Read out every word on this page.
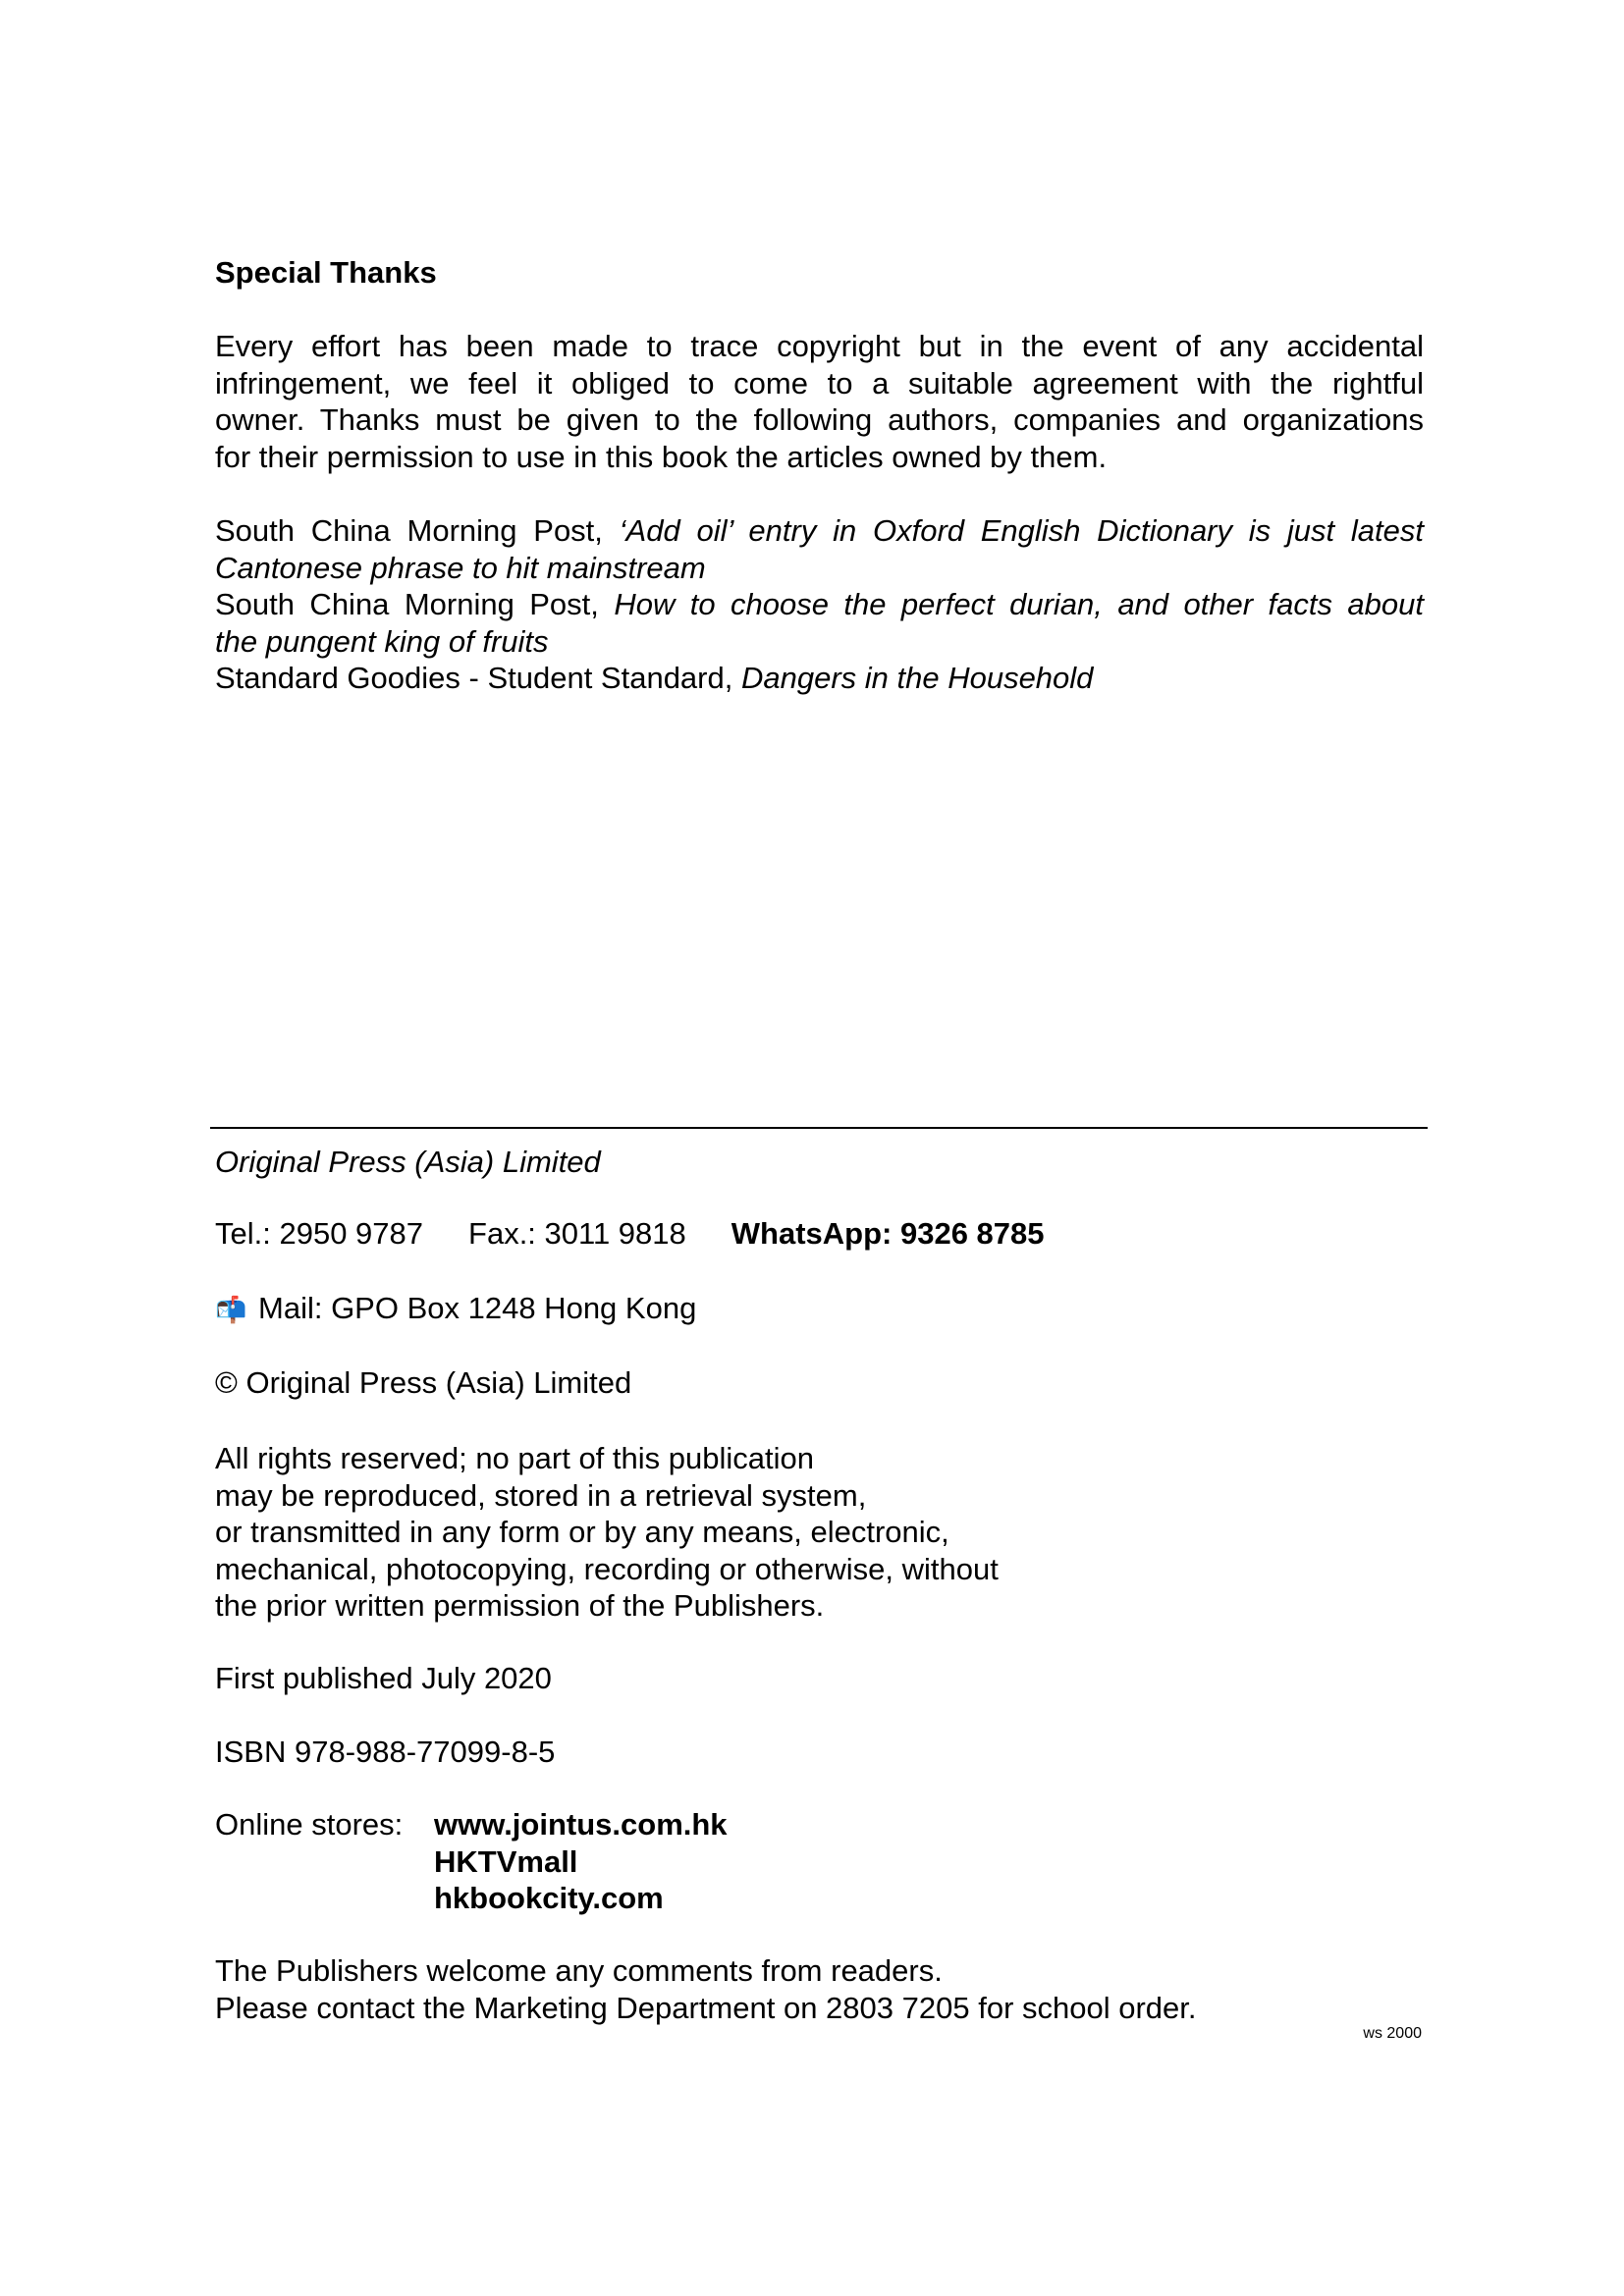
Special Thanks
Every effort has been made to trace copyright but in the event of any accidental
infringement, we feel it obliged to come to a suitable agreement with the rightful
owner. Thanks must be given to the following authors, companies and organizations
for their permission to use in this book the articles owned by them.
South China Morning Post, ‘Add oil’ entry in Oxford English Dictionary is just latest
Cantonese phrase to hit mainstream
South China Morning Post, How to choose the perfect durian, and other facts about
the pungent king of fruits
Standard Goodies - Student Standard, Dangers in the Household
Original Press (Asia) Limited
Tel.: 2950 9787 Fax.: 3011 9818 WhatsApp: 9326 8785
📬 Mail: GPO Box 1248 Hong Kong
© Original Press (Asia) Limited
All rights reserved; no part of this publication
may be reproduced, stored in a retrieval system,
or transmitted in any form or by any means, electronic,
mechanical, photocopying, recording or otherwise, without
the prior written permission of the Publishers.
First published July 2020
ISBN 978-988-77099-8-5
Online stores:	www.jointus.com.hk
HKTVmall
hkbookcity.com
The Publishers welcome any comments from readers.
Please contact the Marketing Department on 2803 7205 for school order.
ws 2000
